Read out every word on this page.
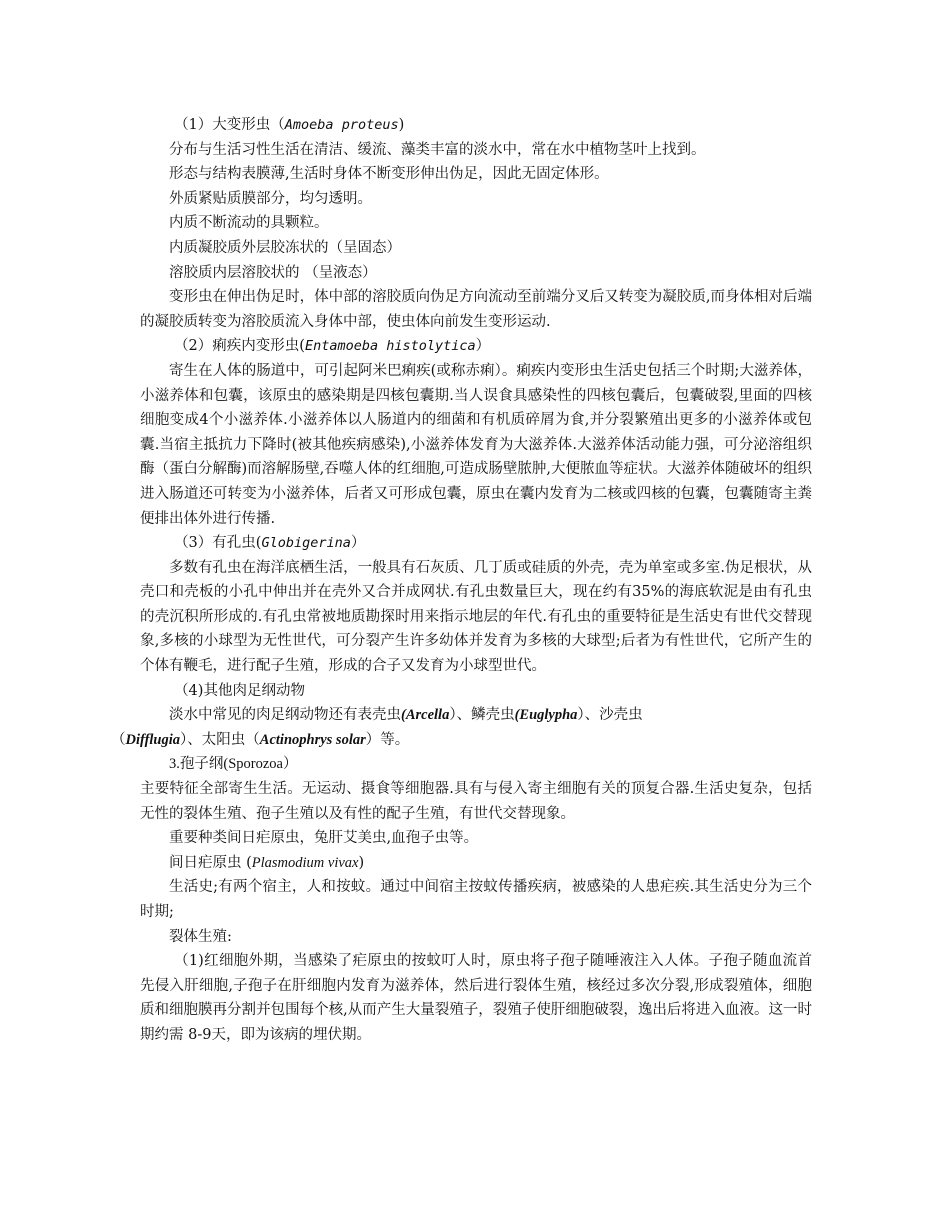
（1）大变形虫（Amoeba proteus)

分布与生活习性生活在清洁、缓流、藻类丰富的淡水中，常在水中植物茎叶上找到。

形态与结构表膜薄,生活时身体不断变形伸出伪足，因此无固定体形。

外质紧贴质膜部分，均匀透明。

内质不断流动的具颗粒。

内质凝胶质外层胶冻状的（呈固态）

溶胶质内层溶胶状的 （呈液态）

变形虫在伸出伪足时，体中部的溶胶质向伪足方向流动至前端分叉后又转变为凝胶质,而身体相对后端的凝胶质转变为溶胶质流入身体中部，使虫体向前发生变形运动.

（2）痢疾内变形虫(Entamoeba histolytica）

寄生在人体的肠道中，可引起阿米巴痢疾(或称赤痢）。痢疾内变形虫生活史包括三个时期;大滋养体，小滋养体和包囊，该原虫的感染期是四核包囊期.当人误食具感染性的四核包囊后，包囊破裂,里面的四核细胞变成4个小滋养体.小滋养体以人肠道内的细菌和有机质碎屑为食,并分裂繁殖出更多的小滋养体或包囊.当宿主抵抗力下降时(被其他疾病感染),小滋养体发育为大滋养体.大滋养体活动能力强，可分泌溶组织酶（蛋白分解酶)而溶解肠壁,吞噬人体的红细胞,可造成肠壁脓肿,大便脓血等症状。大滋养体随破坏的组织进入肠道还可转变为小滋养体，后者又可形成包囊，原虫在囊内发育为二核或四核的包囊，包囊随寄主粪便排出体外进行传播.

（3）有孔虫(Globigerina）

多数有孔虫在海洋底栖生活，一般具有石灰质、几丁质或硅质的外壳，壳为单室或多室.伪足根状，从壳口和壳板的小孔中伸出并在壳外又合并成网状.有孔虫数量巨大，现在约有35%的海底软泥是由有孔虫的壳沉积所形成的.有孔虫常被地质勘探时用来指示地层的年代.有孔虫的重要特征是生活史有世代交替现象,多核的小球型为无性世代，可分裂产生许多幼体并发育为多核的大球型;后者为有性世代，它所产生的个体有鞭毛，进行配子生殖，形成的合子又发育为小球型世代。

（4)其他肉足纲动物

淡水中常见的肉足纲动物还有表壳虫(Arcella）、鳞壳虫(Euglypha）、沙壳虫
（Difflugia）、太阳虫（Actinophrys solar）等。

3.孢子纲(Sporozoa）

主要特征全部寄生生活。无运动、摄食等细胞器.具有与侵入寄主细胞有关的顶复合器.生活史复杂，包括无性的裂体生殖、孢子生殖以及有性的配子生殖，有世代交替现象。

重要种类间日疟原虫，兔肝艾美虫,血孢子虫等。

间日疟原虫 (Plasmodium vivax)

生活史;有两个宿主，人和按蚊。通过中间宿主按蚊传播疾病，被感染的人患疟疾.其生活史分为三个时期;

裂体生殖:

（1)红细胞外期，当感染了疟原虫的按蚊叮人时，原虫将子孢子随唾液注入人体。子孢子随血流首先侵入肝细胞,子孢子在肝细胞内发育为滋养体，然后进行裂体生殖，核经过多次分裂,形成裂殖体，细胞质和细胞膜再分割并包围每个核,从而产生大量裂殖子，裂殖子使肝细胞破裂，逸出后将进入血液。这一时期约需 8-9天，即为该病的埋伏期。
